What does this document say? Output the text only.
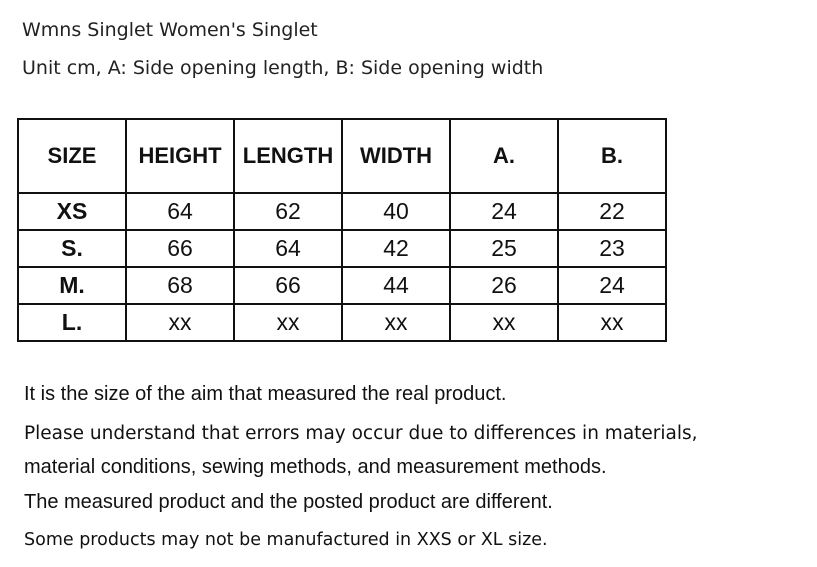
Wmns Singlet Women's Singlet
Unit cm, A: Side opening length, B: Side opening width
SIZE	HEIGHT	LENGTH	WIDTH	A.	B.
XS	64	62	40	24	22
S.	66	64	42	25	23
M.	68	66	44	26	24
L.	xx	xx	xx	xx	xx
It is the size of the aim that measured the real product.
Please understand that errors may occur due to differences in materials,
material conditions, sewing methods, and measurement methods.
The measured product and the posted product are different.
Some products may not be manufactured in XXS or XL size.
